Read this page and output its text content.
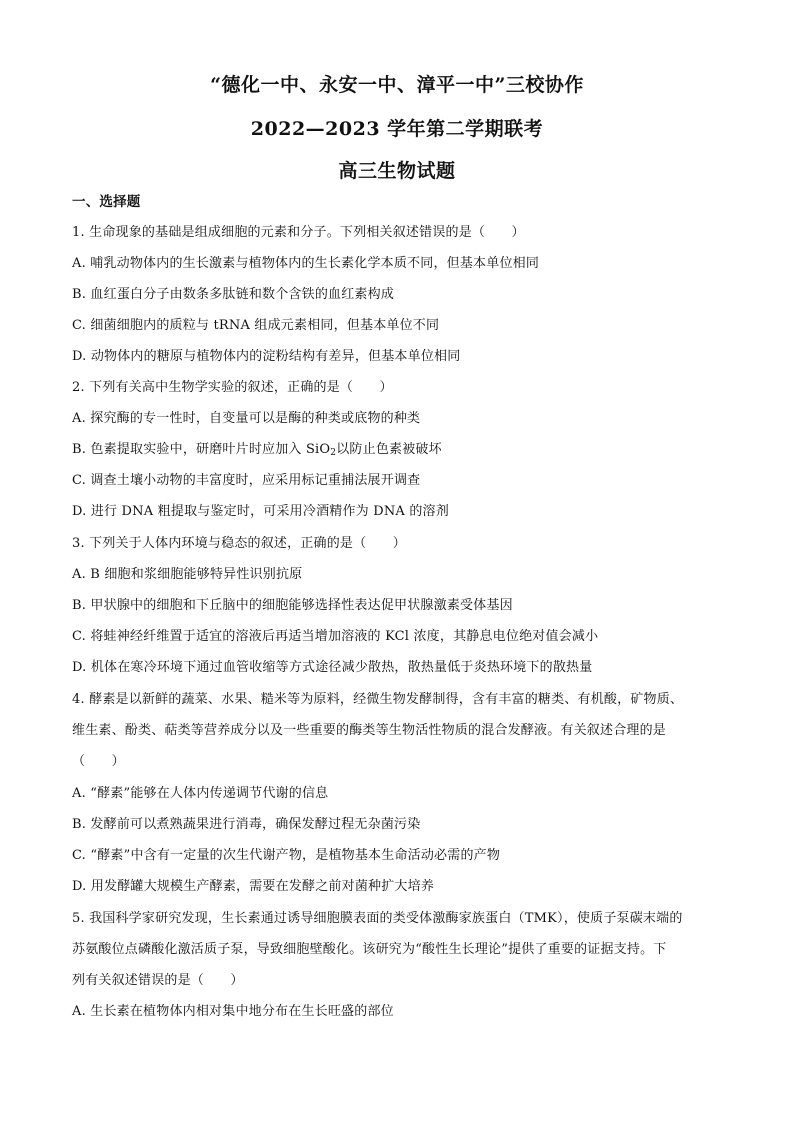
“德化一中、永安一中、漳平一中”三校协作
2022—2023 学年第二学期联考
高三生物试题
一、选择题
1. 生命现象的基础是组成细胞的元素和分子。下列相关叙述错误的是（　　）
A. 哺乳动物体内的生长激素与植物体内的生长素化学本质不同，但基本单位相同
B. 血红蛋白分子由数条多肽链和数个含铁的血红素构成
C. 细菌细胞内的质粒与 tRNA 组成元素相同，但基本单位不同
D. 动物体内的糖原与植物体内的淀粉结构有差异，但基本单位相同
2. 下列有关高中生物学实验的叙述，正确的是（　　）
A. 探究酶的专一性时，自变量可以是酶的种类或底物的种类
B. 色素提取实验中，研磨叶片时应加入 SiO$_2$以防止色素被破坏
C. 调查土壤小动物的丰富度时，应采用标记重捕法展开调查
D. 进行 DNA 粗提取与鉴定时，可采用冷酒精作为 DNA 的溶剂
3. 下列关于人体内环境与稳态的叙述，正确的是（　　）
A. B 细胞和浆细胞能够特异性识别抗原
B. 甲状腺中的细胞和下丘脑中的细胞能够选择性表达促甲状腺激素受体基因
C. 将蛙神经纤维置于适宜的溶液后再适当增加溶液的 KCl 浓度，其静息电位绝对值会减小
D. 机体在寒冷环境下通过血管收缩等方式途径减少散热，散热量低于炎热环境下的散热量
4. 酵素是以新鲜的蔬菜、水果、糙米等为原料，经微生物发酵制得，含有丰富的糖类、有机酸，矿物质、
维生素、酚类、萜类等营养成分以及一些重要的酶类等生物活性物质的混合发酵液。有关叙述合理的是
（　　）
A. “酵素”能够在人体内传递调节代谢的信息
B. 发酵前可以煮熟蔬果进行消毒，确保发酵过程无杂菌污染
C. “酵素”中含有一定量的次生代谢产物，是植物基本生命活动必需的产物
D. 用发酵罐大规模生产酵素，需要在发酵之前对菌种扩大培养
5. 我国科学家研究发现，生长素通过诱导细胞膜表面的类受体激酶家族蛋白（TMK），使质子泵碳末端的
苏氨酸位点磷酸化激活质子泵，导致细胞壁酸化。该研究为“酸性生长理论”提供了重要的证据支持。下
列有关叙述错误的是（　　）
A. 生长素在植物体内相对集中地分布在生长旺盛的部位
